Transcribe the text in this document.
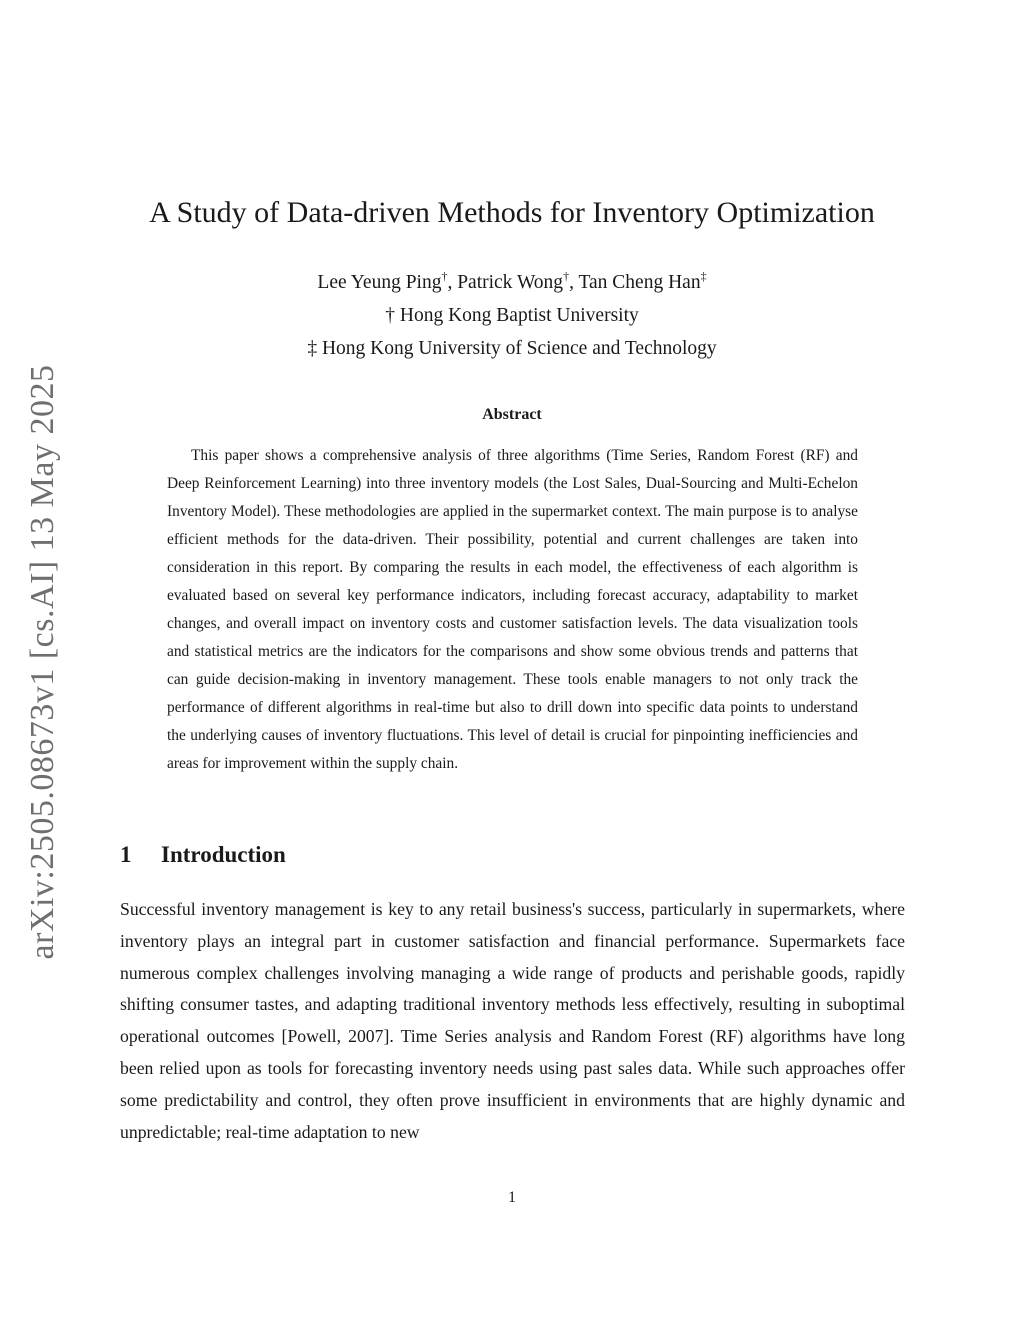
arXiv:2505.08673v1 [cs.AI] 13 May 2025
A Study of Data-driven Methods for Inventory Optimization
Lee Yeung Ping†, Patrick Wong†, Tan Cheng Han‡
† Hong Kong Baptist University
‡ Hong Kong University of Science and Technology
Abstract

This paper shows a comprehensive analysis of three algorithms (Time Series, Random Forest (RF) and Deep Reinforcement Learning) into three inventory models (the Lost Sales, Dual-Sourcing and Multi-Echelon Inventory Model). These methodologies are applied in the supermarket context. The main purpose is to analyse efficient methods for the data-driven. Their possibility, potential and current challenges are taken into consideration in this report. By comparing the results in each model, the effectiveness of each algorithm is evaluated based on several key performance indicators, including forecast accuracy, adaptability to market changes, and overall impact on inventory costs and customer satisfaction levels. The data visualization tools and statistical metrics are the indicators for the comparisons and show some obvious trends and patterns that can guide decision-making in inventory management. These tools enable managers to not only track the performance of different algorithms in real-time but also to drill down into specific data points to understand the underlying causes of inventory fluctuations. This level of detail is crucial for pinpointing inefficiencies and areas for improvement within the supply chain.

1 Introduction

Successful inventory management is key to any retail business's success, particularly in supermarkets, where inventory plays an integral part in customer satisfaction and financial performance. Supermarkets face numerous complex challenges involving managing a wide range of products and perishable goods, rapidly shifting consumer tastes, and adapting traditional inventory methods less effectively, resulting in suboptimal operational outcomes [Powell, 2007]. Time Series analysis and Random Forest (RF) algorithms have long been relied upon as tools for forecasting inventory needs using past sales data. While such approaches offer some predictability and control, they often prove insufficient in environments that are highly dynamic and unpredictable; real-time adaptation to new

1
